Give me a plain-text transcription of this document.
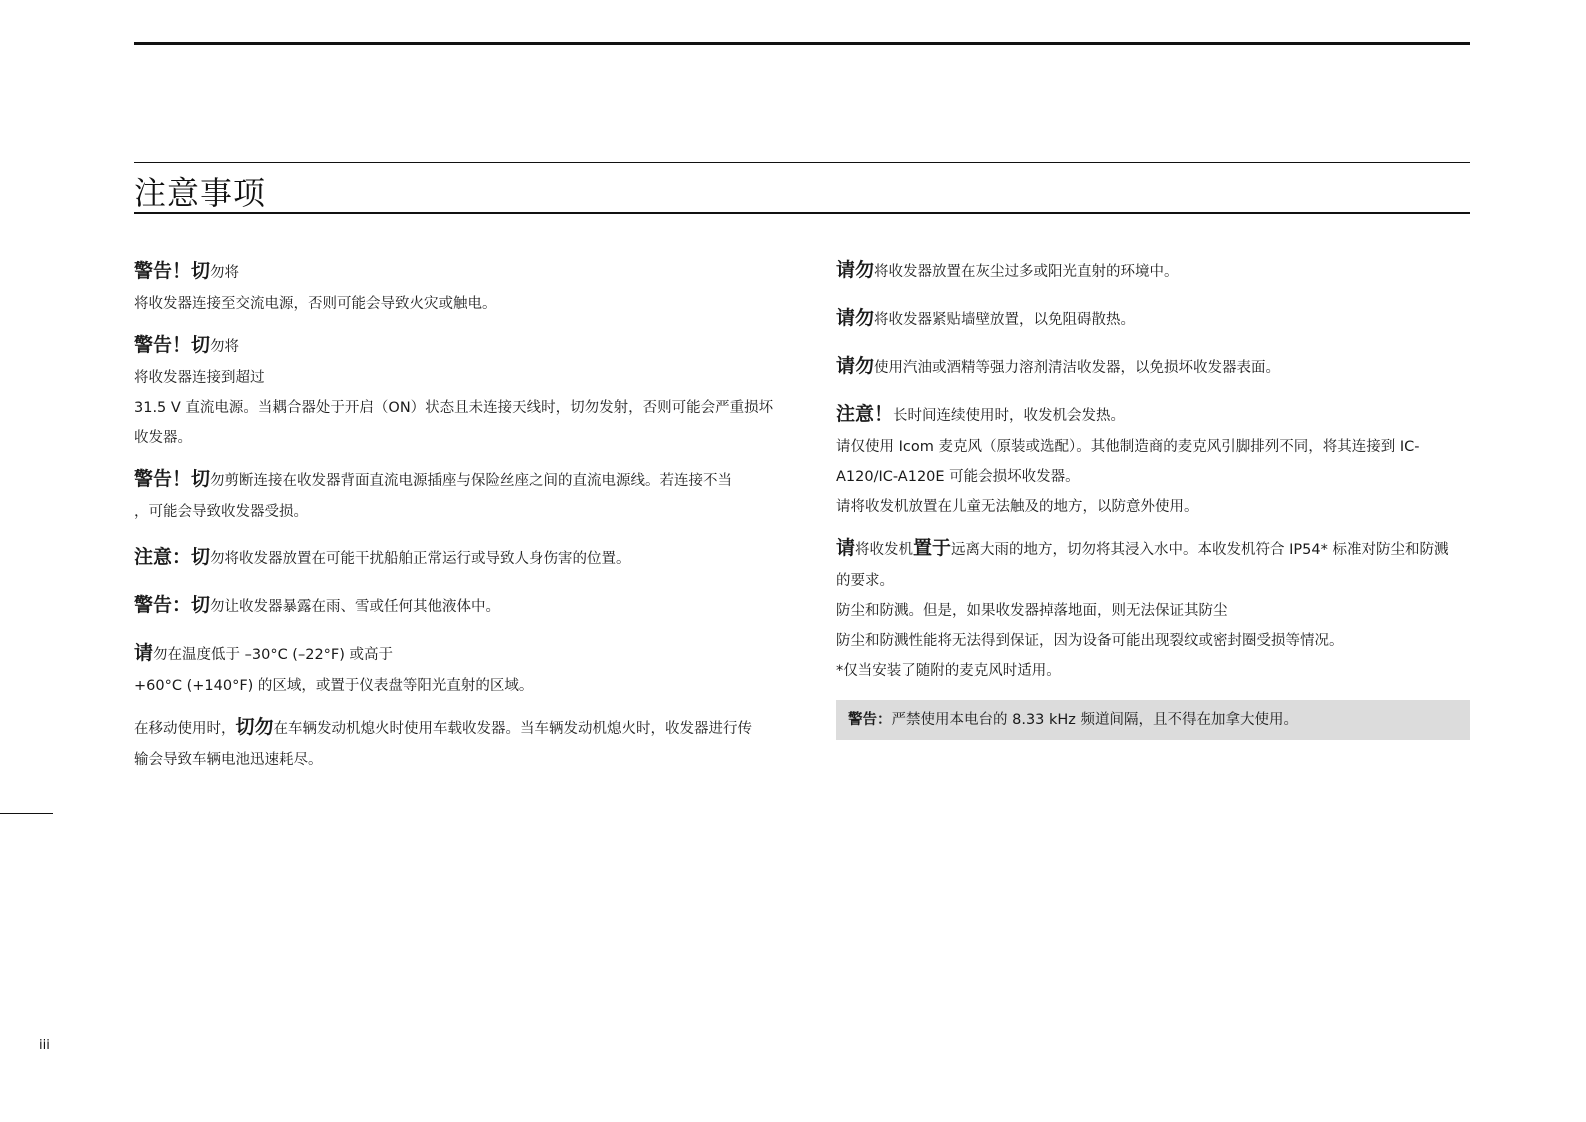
注意事项
警告！切勿将
将收发器连接至交流电源，否则可能会导致火灾或触电。
警告！切勿将
将收发器连接到超过
31.5 V 直流电源。当耦合器处于开启（ON）状态且未连接天线时，切勿发射，否则可能会严重损坏
收发器。
警告！切勿剪断连接在收发器背面直流电源插座与保险丝座之间的直流电源线。若连接不当
，可能会导致收发器受损。
注意：切勿将收发器放置在可能干扰船舶正常运行或导致人身伤害的位置。
警告：切勿让收发器暴露在雨、雪或任何其他液体中。
请勿在温度低于 –30°C (–22°F) 或高于
+60°C (+140°F) 的区域，或置于仪表盘等阳光直射的区域。
在移动使用时，切勿在车辆发动机熄火时使用车载收发器。当车辆发动机熄火时，收发器进行传
输会导致车辆电池迅速耗尽。
请勿将收发器放置在灰尘过多或阳光直射的环境中。
请勿将收发器紧贴墙壁放置，以免阻碍散热。
请勿使用汽油或酒精等强力溶剂清洁收发器，以免损坏收发器表面。
注意！长时间连续使用时，收发机会发热。
请仅使用 Icom 麦克风（原装或选配）。其他制造商的麦克风引脚排列不同，将其连接到 IC-
A120/IC-A120E 可能会损坏收发器。
请将收发机放置在儿童无法触及的地方，以防意外使用。
请将收发机置于远离大雨的地方，切勿将其浸入水中。本收发机符合 IP54* 标准对防尘和防溅
的要求。
防尘和防溅。但是，如果收发器掉落地面，则无法保证其防尘
防尘和防溅性能将无法得到保证，因为设备可能出现裂纹或密封圈受损等情况。
*仅当安装了随附的麦克风时适用。
警告：严禁使用本电台的 8.33 kHz 频道间隔，且不得在加拿大使用。
iii
